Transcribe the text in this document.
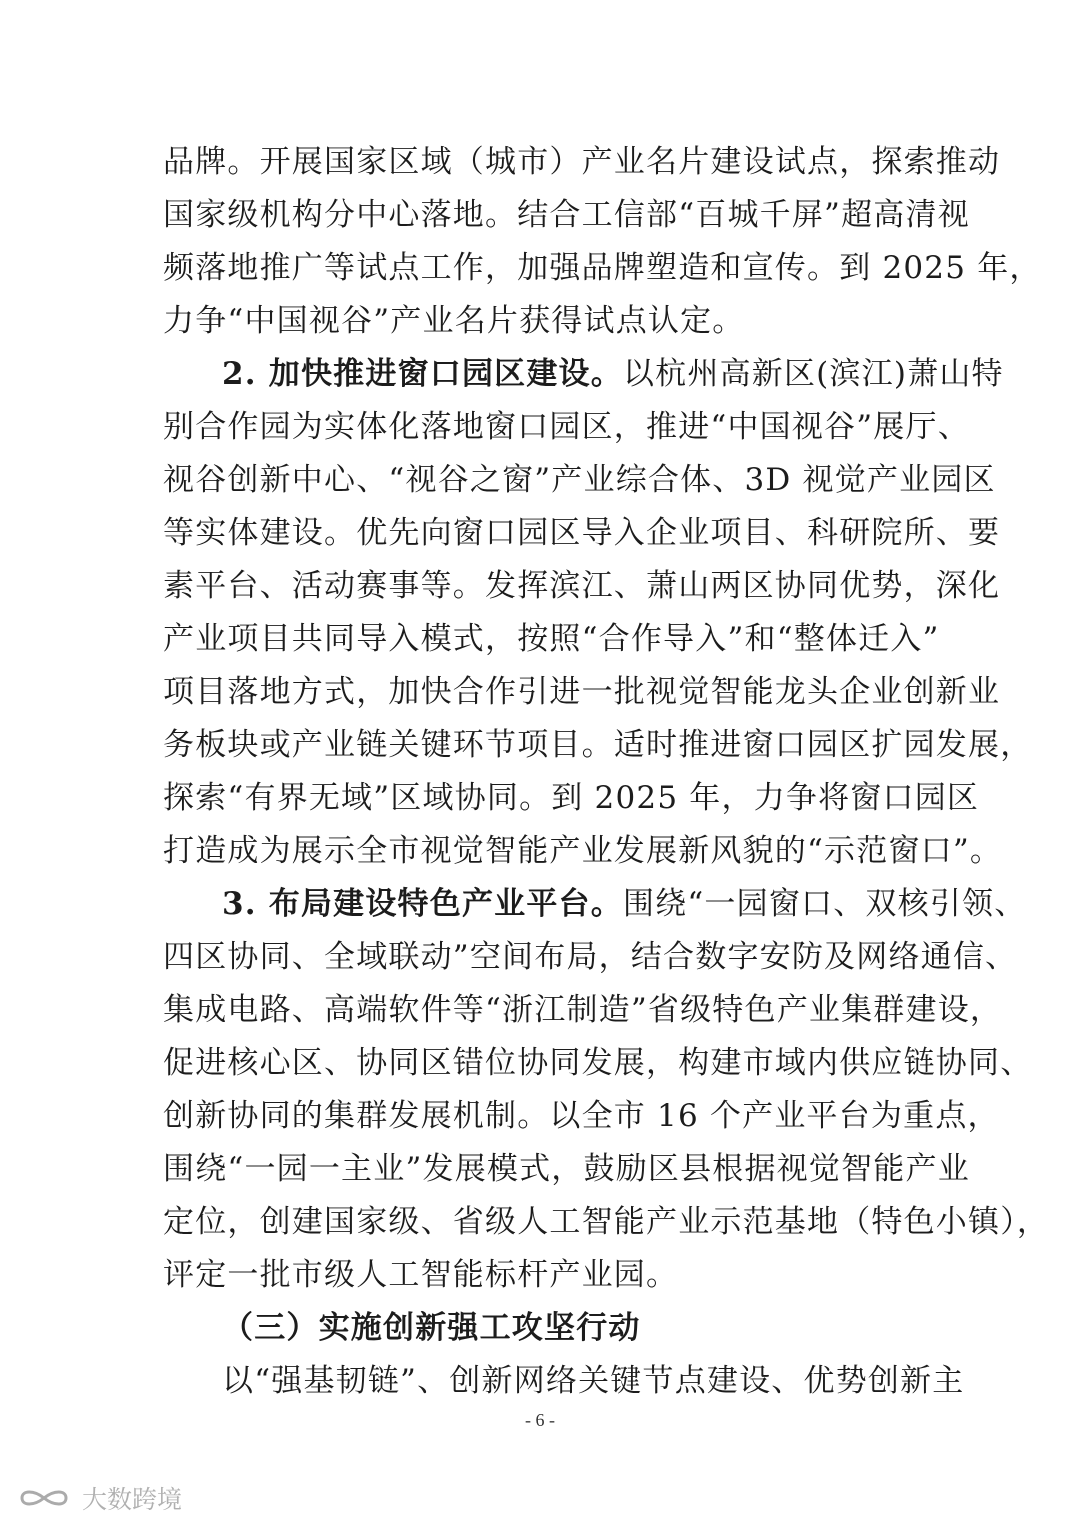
品牌。开展国家区域（城市）产业名片建设试点，探索推动
国家级机构分中心落地。结合工信部“百城千屏”超高清视
频落地推广等试点工作，加强品牌塑造和宣传。到 2025 年，
力争“中国视谷”产业名片获得试点认定。
2. 加快推进窗口园区建设。以杭州高新区(滨江)萧山特
别合作园为实体化落地窗口园区，推进“中国视谷”展厅、
视谷创新中心、“视谷之窗”产业综合体、3D 视觉产业园区
等实体建设。优先向窗口园区导入企业项目、科研院所、要
素平台、活动赛事等。发挥滨江、萧山两区协同优势，深化
产业项目共同导入模式，按照“合作导入”和“整体迁入”
项目落地方式，加快合作引进一批视觉智能龙头企业创新业
务板块或产业链关键环节项目。适时推进窗口园区扩园发展，
探索“有界无域”区域协同。到 2025 年，力争将窗口园区
打造成为展示全市视觉智能产业发展新风貌的“示范窗口”。
3. 布局建设特色产业平台。围绕“一园窗口、双核引领、
四区协同、全域联动”空间布局，结合数字安防及网络通信、
集成电路、高端软件等“浙江制造”省级特色产业集群建设，
促进核心区、协同区错位协同发展，构建市域内供应链协同、
创新协同的集群发展机制。以全市 16 个产业平台为重点，
围绕“一园一主业”发展模式，鼓励区县根据视觉智能产业
定位，创建国家级、省级人工智能产业示范基地（特色小镇），
评定一批市级人工智能标杆产业园。
（三）实施创新强工攻坚行动
以“强基韧链”、创新网络关键节点建设、优势创新主
- 6 -
大数跨境
